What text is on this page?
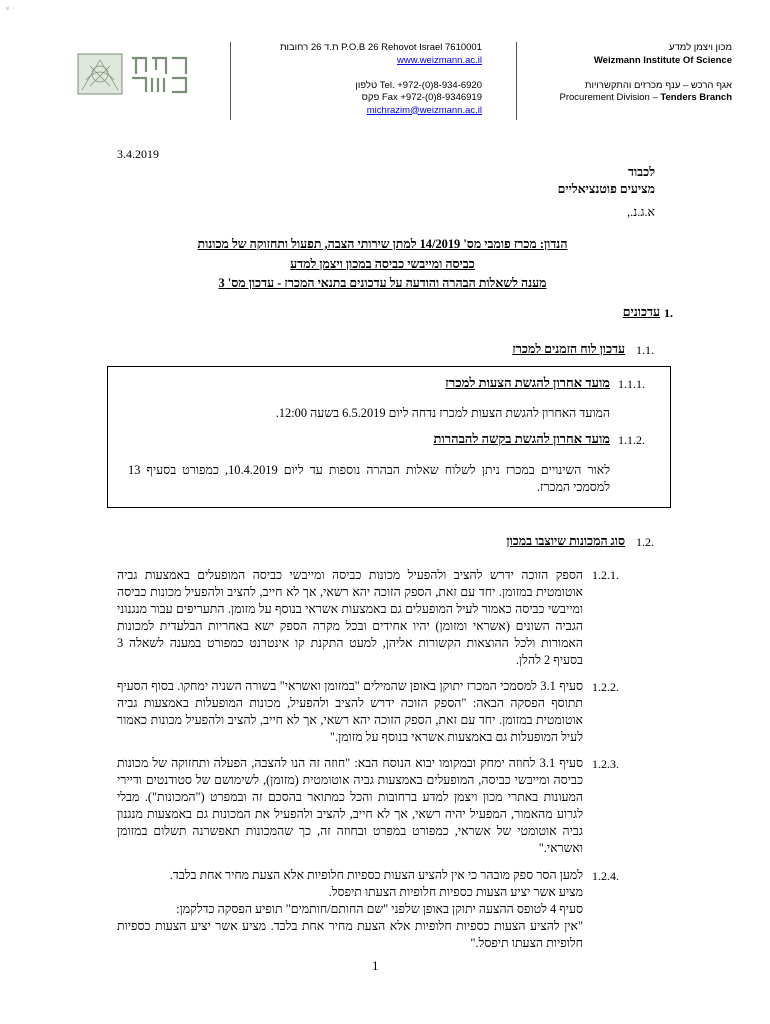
≡ ·
P.O.B 26 Rehovot Israel 7610001 ת.ד 26 רחובות
www.weizmann.ac.il

Tel. +972-(0)8-934-6920 טלפון
Fax +972-(0)8-9346919 פקס
michrazim@weizmann.ac.il
מכון ויצמן למדע
Weizmann Institute Of Science

אגף הרכש – ענף מכרזים והתקשרויות
Procurement Division – Tenders Branch
3.4.2019
לכבוד
מציעים פוטנציאליים
א.ג.נ.,
הנדון: מכרז פומבי מס' 14/2019 למתן שירותי הצבה, תפעול ותחזוקה של מכונות
כביסה ומייבשי כביסה במכון ויצמן למדע
מענה לשאלות הבהרה והודעה על עדכונים בתנאי המכרז - עדכון מס' 3
1.
עדכונים
1.1.
עדכון לוח הזמנים למכרז
1.1.1.
מועד אחרון להגשת הצעות למכרז
המועד האחרון להגשת הצעות למכרז נדחה ליום 6.5.2019 בשעה 12:00.
1.1.2.
מועד אחרון להגשת בקשה להבהרות
לאור השינויים במכרז ניתן לשלוח שאלות הבהרה נוספות עד ליום 10.4.2019, כמפורט בסעיף 13 למסמכי המכרז.
1.2.
סוג המכונות שיוצבו במכון
1.2.1.
הספק הזוכה ידרש להציב ולהפעיל מכונות כביסה ומייבשי כביסה המופעלים באמצעות גביה אוטומטית במזומן. יחד עם זאת, הספק הזוכה יהא רשאי, אך לא חייב, להציב ולהפעיל מכונות כביסה ומייבשי כביסה כאמור לעיל המופעלים גם באמצעות אשראי בנוסף על מזומן. התעריפים עבור מנגנוני הגביה השונים (אשראי ומזומן) יהיו אחידים ובכל מקרה הספק ישא באחריות הבלעדית למכונות האמורות ולכל ההוצאות הקשורות אליהן, למעט התקנת קו אינטרנט כמפורט במענה לשאלה 3 בסעיף 2 להלן.
1.2.2.
סעיף 3.1 למסמכי המכרז יתוקן באופן שהמילים "במזומן ואשראי" בשורה השניה ימחקו. בסוף הסעיף תתוסף הפסקה הבאה: "הספק הזוכה ידרש להציב ולהפעיל, מכונות המופעלות באמצעות גביה אוטומטית במזומן. יחד עם זאת, הספק הזוכה יהא רשאי, אך לא חייב, להציב ולהפעיל מכונות כאמור לעיל המופעלות גם באמצעות אשראי בנוסף על מזומן."
1.2.3.
סעיף 3.1 לחוזה ימחק ובמקומו יבוא הנוסח הבא: "חוזה זה הנו להצבה, הפעלה ותחזוקה של מכונות כביסה ומייבשי כביסה, המופעלים באמצעות גביה אוטומטית (מזומן), לשימושם של סטודנטים ודיירי המעונות באתרי מכון ויצמן למדע ברחובות והכל כמתואר בהסכם זה ובמפרט ("המכונות"). מבלי לגרוע מהאמור, המפעיל יהיה רשאי, אך לא חייב, להציב ולהפעיל את המכונות גם באמצעות מנגנון גביה אוטומטי של אשראי, כמפורט במפרט ובחוזה זה, כך שהמכונות תאפשרנה תשלום במזומן ואשראי."
1.2.4.
למען הסר ספק מובהר כי אין להציע הצעות כספיות חלופיות אלא הצעת מחיר אחת בלבד.
מציע אשר יציע הצעות כספיות חלופיות הצעתו תיפסל.
סעיף 4 לטופס ההצעה יתוקן באופן שלפני "שם החותם/חותמים" תופיע הפסקה כדלקמן:
"אין להציע הצעות כספיות חלופיות אלא הצעת מחיר אחת בלבד. מציע אשר יציע הצעות כספיות חלופיות הצעתו תיפסל."
1
